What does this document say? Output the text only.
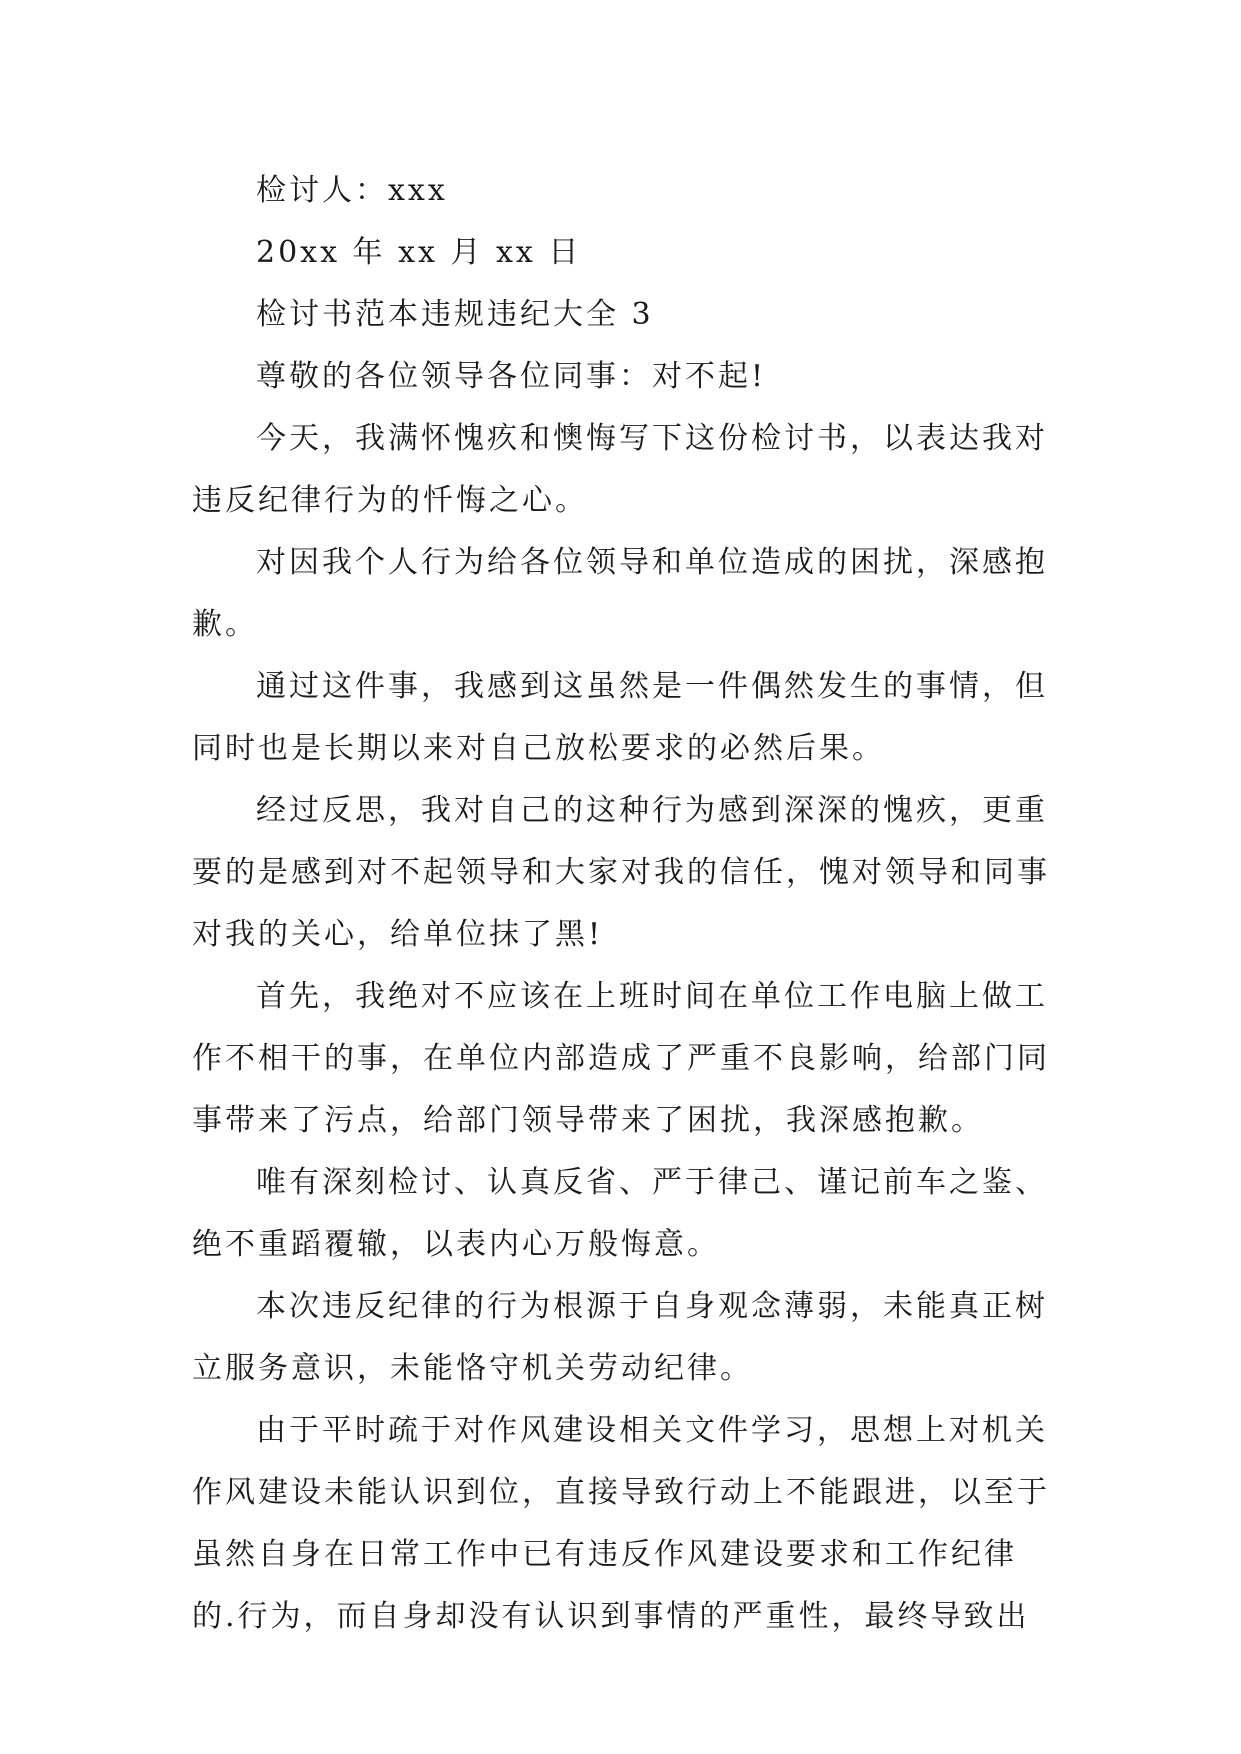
检讨人：xxx

20xx 年 xx 月 xx 日

检讨书范本违规违纪大全 3

尊敬的各位领导各位同事：对不起!

今天，我满怀愧疚和懊悔写下这份检讨书，以表达我对

违反纪律行为的忏悔之心。

对因我个人行为给各位领导和单位造成的困扰，深感抱

歉。

通过这件事，我感到这虽然是一件偶然发生的事情，但

同时也是长期以来对自己放松要求的必然后果。

经过反思，我对自己的这种行为感到深深的愧疚，更重

要的是感到对不起领导和大家对我的信任，愧对领导和同事

对我的关心，给单位抹了黑!

首先，我绝对不应该在上班时间在单位工作电脑上做工

作不相干的事，在单位内部造成了严重不良影响，给部门同

事带来了污点，给部门领导带来了困扰，我深感抱歉。

唯有深刻检讨、认真反省、严于律己、谨记前车之鉴、

绝不重蹈覆辙，以表内心万般悔意。

本次违反纪律的行为根源于自身观念薄弱，未能真正树

立服务意识，未能恪守机关劳动纪律。

由于平时疏于对作风建设相关文件学习，思想上对机关

作风建设未能认识到位，直接导致行动上不能跟进，以至于

虽然自身在日常工作中已有违反作风建设要求和工作纪律

的.行为，而自身却没有认识到事情的严重性，最终导致出
